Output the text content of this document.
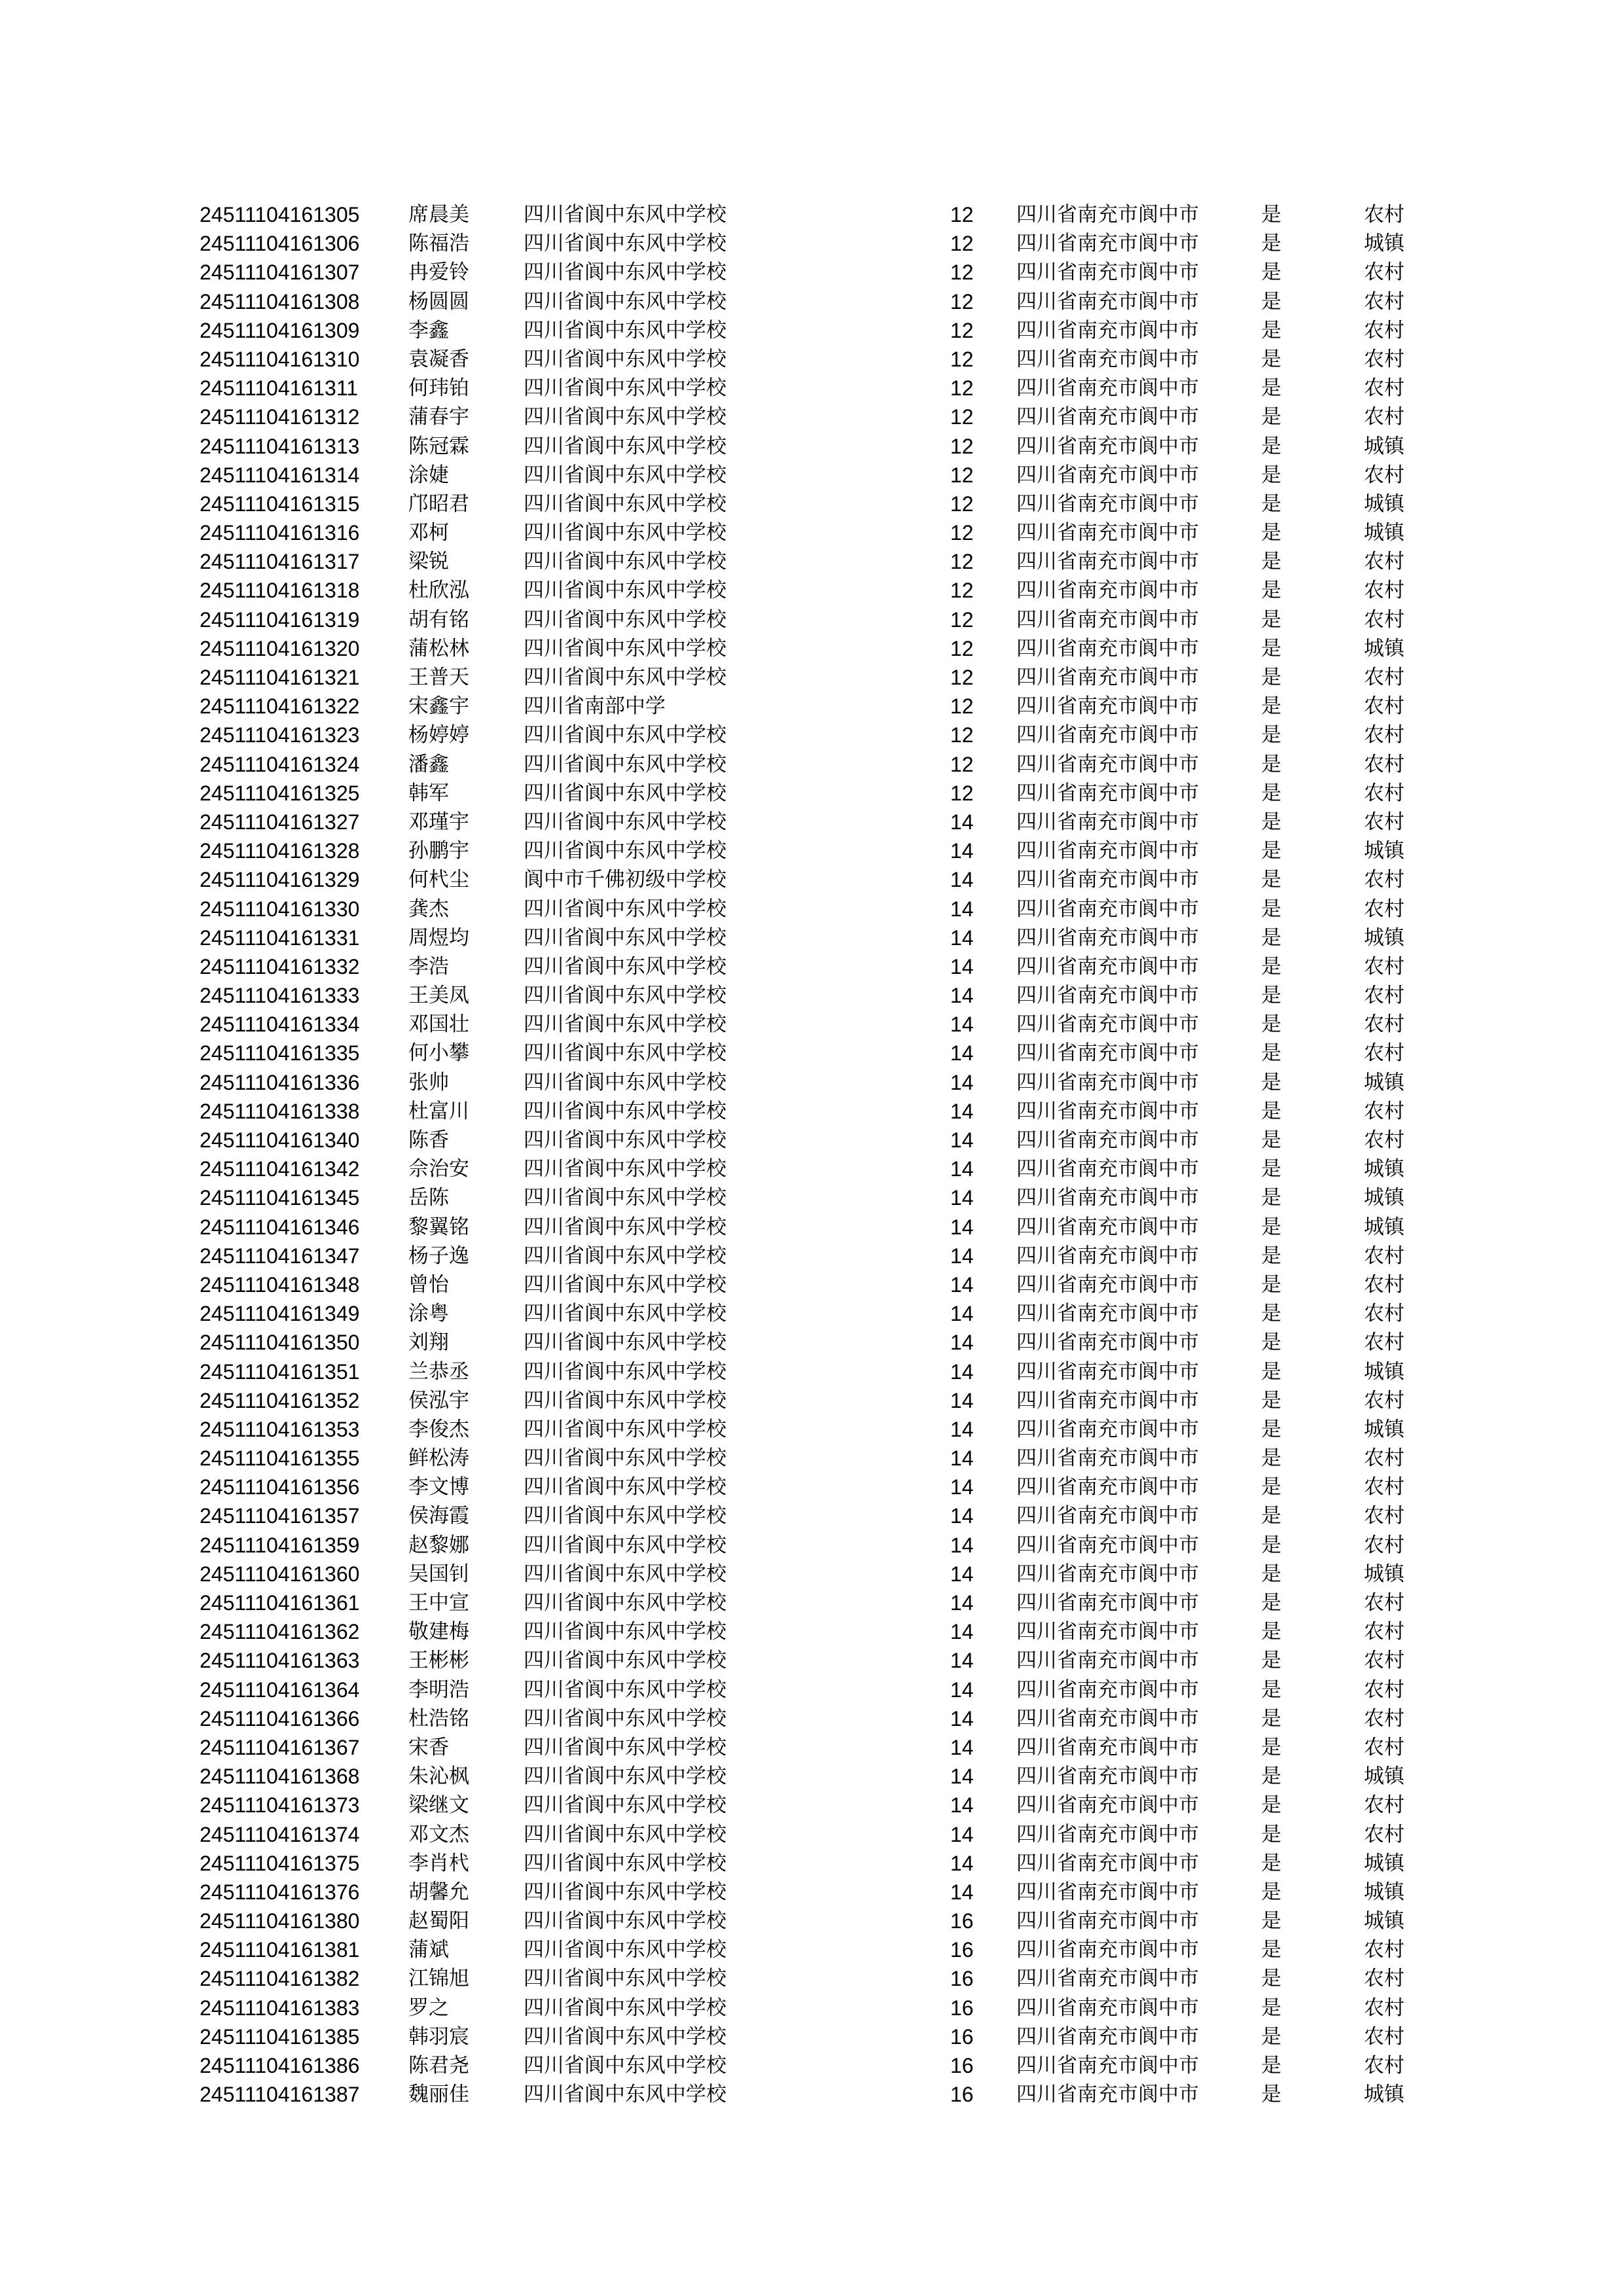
24511104161305 席晨美	四川省阆中东风中学校	12 四川省南充市阆中市	是	农村
24511104161306 陈福浩	四川省阆中东风中学校	12 四川省南充市阆中市	是	城镇
24511104161307 冉爱铃	四川省阆中东风中学校	12 四川省南充市阆中市	是	农村
24511104161308 杨圆圆	四川省阆中东风中学校	12 四川省南充市阆中市	是	农村
24511104161309 李鑫	四川省阆中东风中学校	12 四川省南充市阆中市	是	农村
24511104161310 袁凝香	四川省阆中东风中学校	12 四川省南充市阆中市	是	农村
24511104161311 何玮铂	四川省阆中东风中学校	12 四川省南充市阆中市	是	农村
24511104161312 蒲春宇	四川省阆中东风中学校	12 四川省南充市阆中市	是	农村
24511104161313 陈冠霖	四川省阆中东风中学校	12 四川省南充市阆中市	是	城镇
24511104161314 涂婕	四川省阆中东风中学校	12 四川省南充市阆中市	是	农村
24511104161315 邝昭君	四川省阆中东风中学校	12 四川省南充市阆中市	是	城镇
24511104161316 邓柯	四川省阆中东风中学校	12 四川省南充市阆中市	是	城镇
24511104161317 梁锐	四川省阆中东风中学校	12 四川省南充市阆中市	是	农村
24511104161318 杜欣泓	四川省阆中东风中学校	12 四川省南充市阆中市	是	农村
24511104161319 胡有铭	四川省阆中东风中学校	12 四川省南充市阆中市	是	农村
24511104161320 蒲松林	四川省阆中东风中学校	12 四川省南充市阆中市	是	城镇
24511104161321 王普天	四川省阆中东风中学校	12 四川省南充市阆中市	是	农村
24511104161322 宋鑫宇	四川省南部中学	12 四川省南充市阆中市	是	农村
24511104161323 杨婷婷	四川省阆中东风中学校	12 四川省南充市阆中市	是	农村
24511104161324 潘鑫	四川省阆中东风中学校	12 四川省南充市阆中市	是	农村
24511104161325 韩军	四川省阆中东风中学校	12 四川省南充市阆中市	是	农村
24511104161327 邓瑾宇	四川省阆中东风中学校	14 四川省南充市阆中市	是	农村
24511104161328 孙鹏宇	四川省阆中东风中学校	14 四川省南充市阆中市	是	城镇
24511104161329 何杙尘	阆中市千佛初级中学校	14 四川省南充市阆中市	是	农村
24511104161330 龚杰	四川省阆中东风中学校	14 四川省南充市阆中市	是	农村
24511104161331 周煜均	四川省阆中东风中学校	14 四川省南充市阆中市	是	城镇
24511104161332 李浩	四川省阆中东风中学校	14 四川省南充市阆中市	是	农村
24511104161333 王美凤	四川省阆中东风中学校	14 四川省南充市阆中市	是	农村
24511104161334 邓国壮	四川省阆中东风中学校	14 四川省南充市阆中市	是	农村
24511104161335 何小攀	四川省阆中东风中学校	14 四川省南充市阆中市	是	农村
24511104161336 张帅	四川省阆中东风中学校	14 四川省南充市阆中市	是	城镇
24511104161338 杜富川	四川省阆中东风中学校	14 四川省南充市阆中市	是	农村
24511104161340 陈香	四川省阆中东风中学校	14 四川省南充市阆中市	是	农村
24511104161342 佘治安	四川省阆中东风中学校	14 四川省南充市阆中市	是	城镇
24511104161345 岳陈	四川省阆中东风中学校	14 四川省南充市阆中市	是	城镇
24511104161346 黎翼铭	四川省阆中东风中学校	14 四川省南充市阆中市	是	城镇
24511104161347 杨子逸	四川省阆中东风中学校	14 四川省南充市阆中市	是	农村
24511104161348 曾怡	四川省阆中东风中学校	14 四川省南充市阆中市	是	农村
24511104161349 涂粤	四川省阆中东风中学校	14 四川省南充市阆中市	是	农村
24511104161350 刘翔	四川省阆中东风中学校	14 四川省南充市阆中市	是	农村
24511104161351 兰恭丞	四川省阆中东风中学校	14 四川省南充市阆中市	是	城镇
24511104161352 侯泓宇	四川省阆中东风中学校	14 四川省南充市阆中市	是	农村
24511104161353 李俊杰	四川省阆中东风中学校	14 四川省南充市阆中市	是	城镇
24511104161355 鲜松涛	四川省阆中东风中学校	14 四川省南充市阆中市	是	农村
24511104161356 李文博	四川省阆中东风中学校	14 四川省南充市阆中市	是	农村
24511104161357 侯海霞	四川省阆中东风中学校	14 四川省南充市阆中市	是	农村
24511104161359 赵黎娜	四川省阆中东风中学校	14 四川省南充市阆中市	是	农村
24511104161360 吴国钊	四川省阆中东风中学校	14 四川省南充市阆中市	是	城镇
24511104161361 王中宣	四川省阆中东风中学校	14 四川省南充市阆中市	是	农村
24511104161362 敬建梅	四川省阆中东风中学校	14 四川省南充市阆中市	是	农村
24511104161363 王彬彬	四川省阆中东风中学校	14 四川省南充市阆中市	是	农村
24511104161364 李明浩	四川省阆中东风中学校	14 四川省南充市阆中市	是	农村
24511104161366 杜浩铭	四川省阆中东风中学校	14 四川省南充市阆中市	是	农村
24511104161367 宋香	四川省阆中东风中学校	14 四川省南充市阆中市	是	农村
24511104161368 朱沁枫	四川省阆中东风中学校	14 四川省南充市阆中市	是	城镇
24511104161373 梁继文	四川省阆中东风中学校	14 四川省南充市阆中市	是	农村
24511104161374 邓文杰	四川省阆中东风中学校	14 四川省南充市阆中市	是	农村
24511104161375 李肖杙	四川省阆中东风中学校	14 四川省南充市阆中市	是	城镇
24511104161376 胡馨允	四川省阆中东风中学校	14 四川省南充市阆中市	是	城镇
24511104161380 赵蜀阳	四川省阆中东风中学校	16 四川省南充市阆中市	是	城镇
24511104161381 蒲斌	四川省阆中东风中学校	16 四川省南充市阆中市	是	农村
24511104161382 江锦旭	四川省阆中东风中学校	16 四川省南充市阆中市	是	农村
24511104161383 罗之	四川省阆中东风中学校	16 四川省南充市阆中市	是	农村
24511104161385 韩羽宸	四川省阆中东风中学校	16 四川省南充市阆中市	是	农村
24511104161386 陈君尧	四川省阆中东风中学校	16 四川省南充市阆中市	是	农村
24511104161387 魏丽佳	四川省阆中东风中学校	16 四川省南充市阆中市	是	城镇
